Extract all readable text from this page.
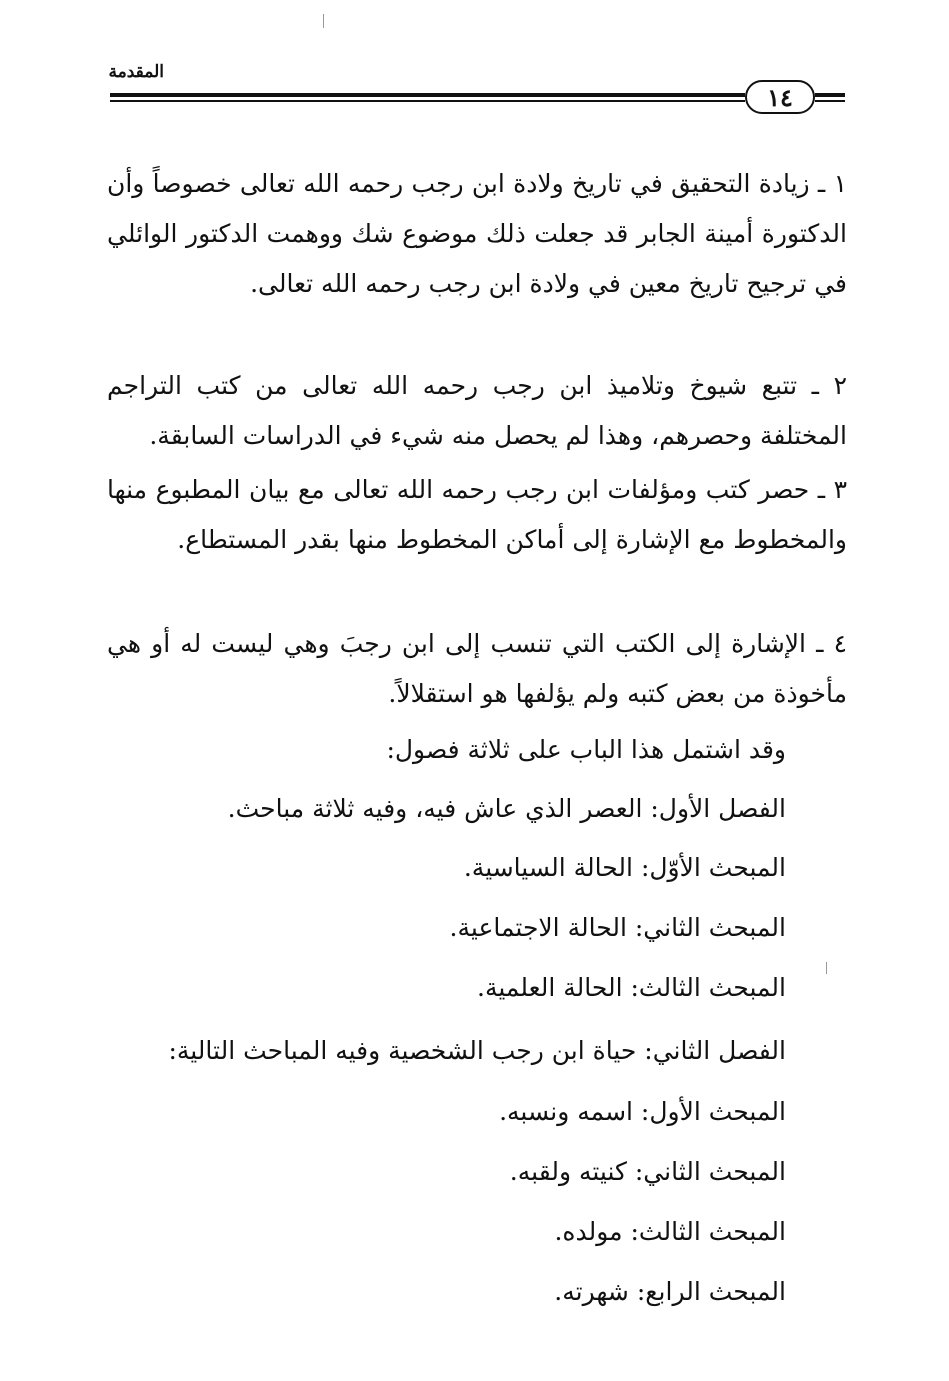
المقدمة
١٤
١ ـ زيادة التحقيق في تاريخ ولادة ابن رجب رحمه الله تعالى خصوصاً وأن الدكتورة أمينة الجابر قد جعلت ذلك موضوع شك ووهمت الدكتور الوائلي في ترجيح تاريخ معين في ولادة ابن رجب رحمه الله تعالى.
٢ ـ تتبع شيوخ وتلاميذ ابن رجب رحمه الله تعالى من كتب التراجم المختلفة وحصرهم، وهذا لم يحصل منه شيء في الدراسات السابقة.
٣ ـ حصر كتب ومؤلفات ابن رجب رحمه الله تعالى مع بيان المطبوع منها والمخطوط مع الإشارة إلى أماكن المخطوط منها بقدر المستطاع.
٤ ـ الإشارة إلى الكتب التي تنسب إلى ابن رجبَ وهي ليست له أو هي مأخوذة من بعض كتبه ولم يؤلفها هو استقلالاً.
وقد اشتمل هذا الباب على ثلاثة فصول:
الفصل الأول: العصر الذي عاش فيه، وفيه ثلاثة مباحث.
المبحث الأوّل: الحالة السياسية.
المبحث الثاني: الحالة الاجتماعية.
المبحث الثالث: الحالة العلمية.
الفصل الثاني: حياة ابن رجب الشخصية وفيه المباحث التالية:
المبحث الأول: اسمه ونسبه.
المبحث الثاني: كنيته ولقبه.
المبحث الثالث: مولده.
المبحث الرابع: شهرته.
